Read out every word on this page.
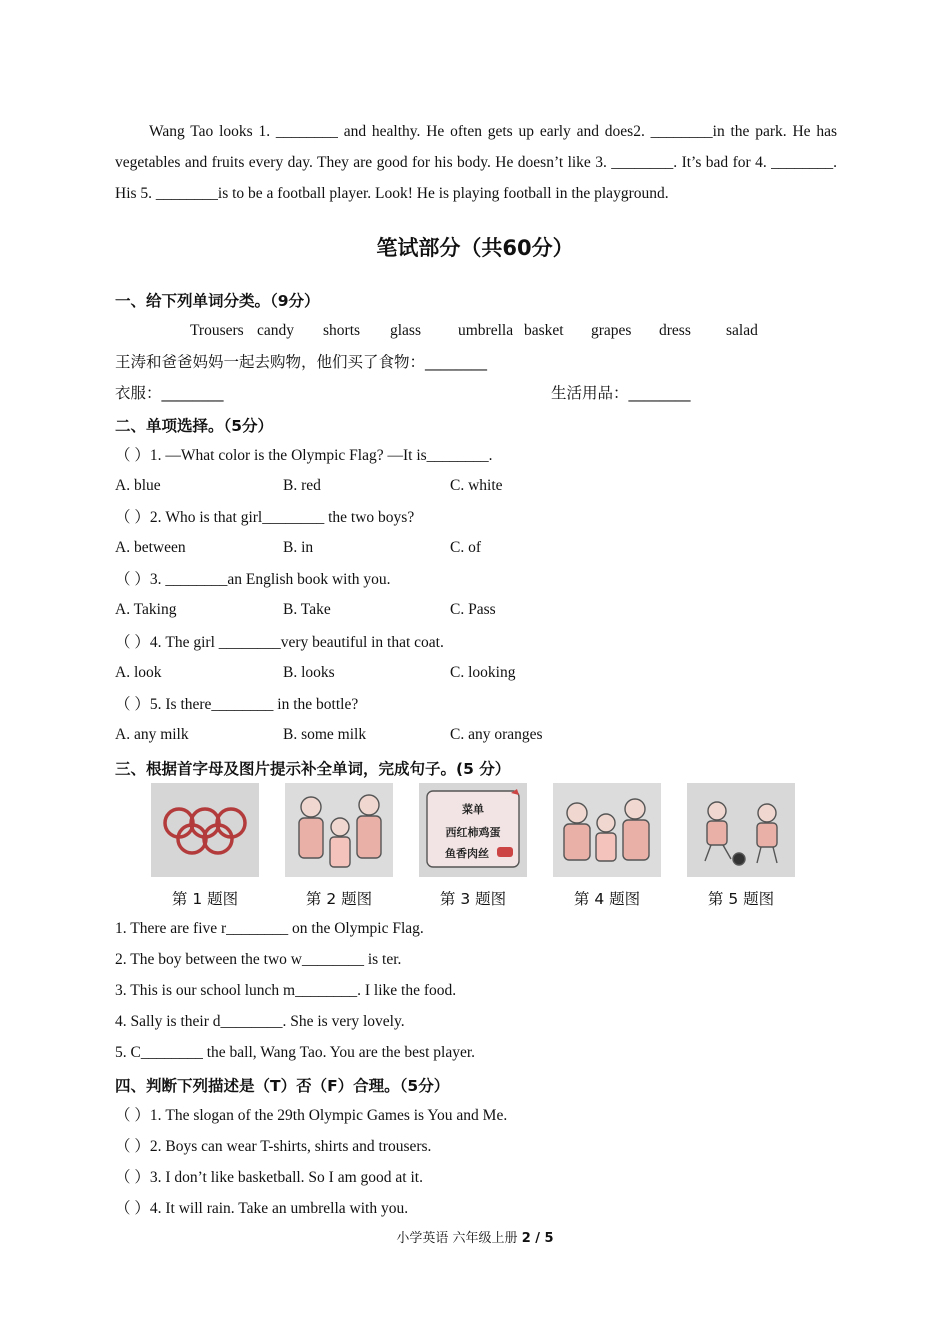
Wang Tao looks 1. ________ and healthy. He often gets up early and does2. ________in the park. He has vegetables and fruits every day. They are good for his body. He doesn’t like 3. ________. It’s bad for 4. ________. His 5. ________is to be a football player. Look! He is playing football in the playground.
笔试部分（共60分）
一、给下列单词分类。（9分）
Trousers candy shorts glass umbrella basket grapes dress salad
王涛和爸爸妈妈一起去购物，他们买了食物：________
衣服：________	生活用品：________
二、单项选择。（5分）
（ ）1. —What color is the Olympic Flag? —It is________.
A. blue	B. red	C. white
（ ）2. Who is that girl________ the two boys?
A. between	B. in	C. of
（ ）3. ________an English book with you.
A. Taking	B. Take	C. Pass
（ ）4. The girl ________very beautiful in that coat.
A. look	B. looks	C. looking
（ ）5. Is there________ in the bottle?
A. any milk	B. some milk	C. any oranges
三、根据首字母及图片提示补全单词，完成句子。(5 分）
菜单
西红柿鸡蛋
鱼香肉丝
第 1 题图	第 2 题图	第 3 题图	第 4 题图	第 5 题图
1. There are five r________ on the Olympic Flag.
2. The boy between the two w________ is ter.
3. This is our school lunch m________. I like the food.
4. Sally is their d________. She is very lovely.
5. C________ the ball, Wang Tao. You are the best player.
四、判断下列描述是（T）否（F）合理。（5分）
（ ）1. The slogan of the 29th Olympic Games is You and Me.
（ ）2. Boys can wear T-shirts, shirts and trousers.
（ ）3. I don’t like basketball. So I am good at it.
（ ）4. It will rain. Take an umbrella with you.
小学英语 六年级上册 2 / 5
